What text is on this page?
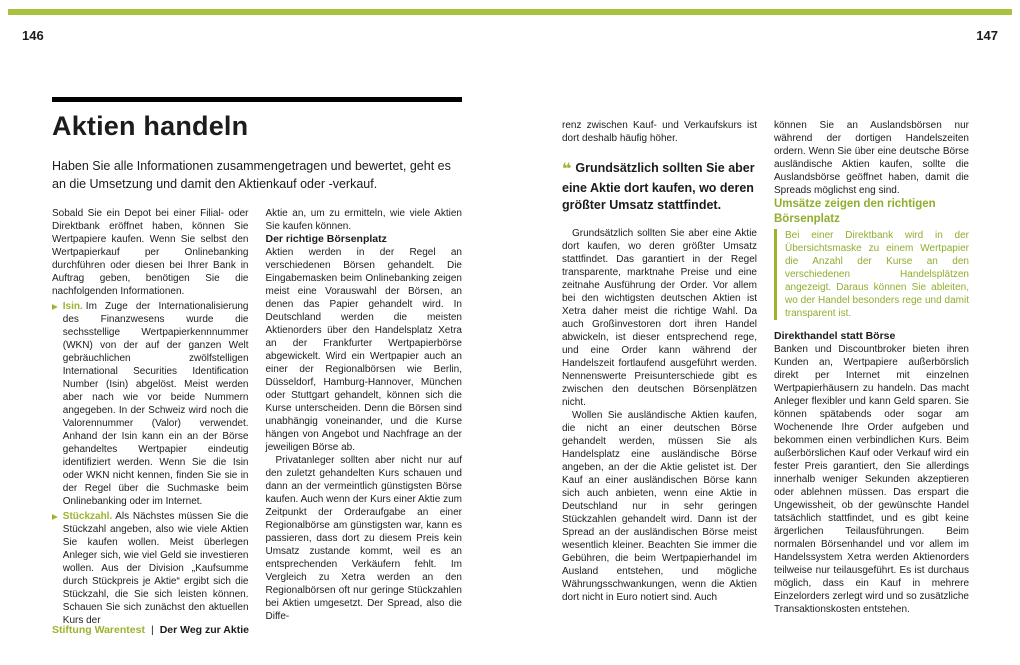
146	147
Aktien handeln

Haben Sie alle Informationen zusammengetragen und bewertet, geht es an die Umsetzung und damit den Aktienkauf oder -verkauf.

Sobald Sie ein Depot bei einer Filial- oder Direktbank eröffnet haben, können Sie Wertpapiere kaufen. Wenn Sie selbst den Wertpapierkauf per Onlinebanking durchführen oder diesen bei Ihrer Bank in Auftrag geben, benötigen Sie die nachfolgenden Informationen.

▶ Isin. Im Zuge der Internationalisierung des Finanzwesens wurde die sechsstellige Wertpapierkennnummer (WKN) von der auf der ganzen Welt gebräuchlichen zwölfstelligen International Securities Identification Number (Isin) abgelöst. Meist werden aber nach wie vor beide Nummern angegeben. In der Schweiz wird noch die Valorennummer (Valor) verwendet. Anhand der Isin kann ein an der Börse gehandeltes Wertpapier eindeutig identifiziert werden. Wenn Sie die Isin oder WKN nicht kennen, finden Sie sie in der Regel über die Suchmaske beim Onlinebanking oder im Internet.

▶ Stückzahl. Als Nächstes müssen Sie die Stückzahl angeben, also wie viele Aktien Sie kaufen wollen. Meist überlegen Anleger sich, wie viel Geld sie investieren wollen. Aus der Division „Kaufsumme durch Stückpreis je Aktie“ ergibt sich die Stückzahl, die Sie sich leisten können. Schauen Sie sich zunächst den aktuellen Kurs der

Aktie an, um zu ermitteln, wie viele Aktien Sie kaufen können.

Der richtige Börsenplatz

Aktien werden in der Regel an verschiedenen Börsen gehandelt. Die Eingabemasken beim Onlinebanking zeigen meist eine Vorauswahl der Börsen, an denen das Papier gehandelt wird. In Deutschland werden die meisten Aktienorders über den Handelsplatz Xetra an der Frankfurter Wertpapierbörse abgewickelt. Wird ein Wertpapier auch an einer der Regionalbörsen wie Berlin, Düsseldorf, Hamburg-Hannover, München oder Stuttgart gehandelt, können sich die Kurse unterscheiden. Denn die Börsen sind unabhängig voneinander, und die Kurse hängen von Angebot und Nachfrage an der jeweiligen Börse ab.

Privatanleger sollten aber nicht nur auf den zuletzt gehandelten Kurs schauen und dann an der vermeintlich günstigsten Börse kaufen. Auch wenn der Kurs einer Aktie zum Zeitpunkt der Orderaufgabe an einer Regionalbörse am günstigsten war, kann es passieren, dass dort zu diesem Preis kein Umsatz zustande kommt, weil es an entsprechenden Verkäufern fehlt. Im Vergleich zu Xetra werden an den Regionalbörsen oft nur geringe Stückzahlen bei Aktien umgesetzt. Der Spread, also die Diffe-

renz zwischen Kauf- und Verkaufskurs ist dort deshalb häufig höher.

❝ Grundsätzlich sollten Sie aber eine Aktie dort kaufen, wo deren größter Umsatz stattfindet.

Grundsätzlich sollten Sie aber eine Aktie dort kaufen, wo deren größter Umsatz stattfindet. Das garantiert in der Regel transparente, marktnahe Preise und eine zeitnahe Ausführung der Order. Vor allem bei den wichtigsten deutschen Aktien ist Xetra daher meist die richtige Wahl. Da auch Großinvestoren dort ihren Handel abwickeln, ist dieser entsprechend rege, und eine Order kann während der Handelszeit fortlaufend ausgeführt werden. Nennenswerte Preisunterschiede gibt es zwischen den deutschen Börsenplätzen nicht.

Wollen Sie ausländische Aktien kaufen, die nicht an einer deutschen Börse gehandelt werden, müssen Sie als Handelsplatz eine ausländische Börse angeben, an der die Aktie gelistet ist. Der Kauf an einer ausländischen Börse kann sich auch anbieten, wenn eine Aktie in Deutschland nur in sehr geringen Stückzahlen gehandelt wird. Dann ist der Spread an der ausländischen Börse meist wesentlich kleiner. Beachten Sie immer die Gebühren, die beim Wertpapierhandel im Ausland entstehen, und mögliche Währungsschwankungen, wenn die Aktien dort nicht in Euro notiert sind. Auch

können Sie an Auslandsbörsen nur während der dortigen Handelszeiten ordern. Wenn Sie über eine deutsche Börse ausländische Aktien kaufen, sollte die Auslandsbörse geöffnet haben, damit die Spreads möglichst eng sind.

Umsätze zeigen den richtigen Börsenplatz

Bei einer Direktbank wird in der Übersichtsmaske zu einem Wertpapier die Anzahl der Kurse an den verschiedenen Handelsplätzen angezeigt. Daraus können Sie ableiten, wo der Handel besonders rege und damit transparent ist.

Direkthandel statt Börse

Banken und Discountbroker bieten ihren Kunden an, Wertpapiere außerbörslich direkt per Internet mit einzelnen Wertpapierhäusern zu handeln. Das macht Anleger flexibler und kann Geld sparen. Sie können spätabends oder sogar am Wochenende Ihre Order aufgeben und bekommen einen verbindlichen Kurs. Beim außerbörslichen Kauf oder Verkauf wird ein fester Preis garantiert, den Sie allerdings innerhalb weniger Sekunden akzeptieren oder ablehnen müssen. Das erspart die Ungewissheit, ob der gewünschte Handel tatsächlich stattfindet, und es gibt keine ärgerlichen Teilausführungen. Beim normalen Börsenhandel und vor allem im Handelssystem Xetra werden Aktienorders teilweise nur teilausgeführt. Es ist durchaus möglich, dass ein Kauf in mehrere Einzelorders zerlegt wird und so zusätzliche Transaktionskosten entstehen.

Stiftung Warentest | Der Weg zur Aktie
